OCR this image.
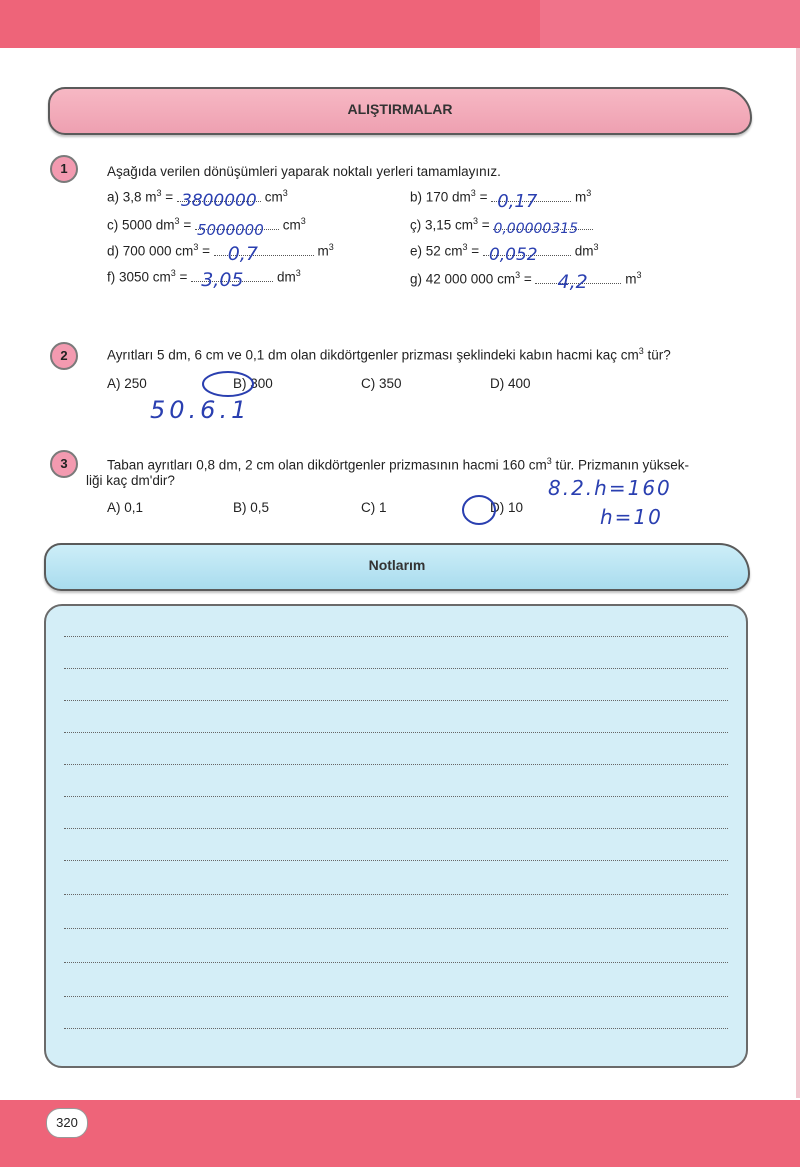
ALIŞTIRMALAR
1	Aşağıda verilen dönüşümleri yaparak noktalı yerleri tamamlayınız.
a) 3,8 $m^3 = 3800000$ $cm^3$	b) 170 $dm^3 = 0,17$	$m^3$
c) 5000 $dm^3 = 5000000$ $cm^3$	ç) 3,15 $cm^3 = 0,00000315$
d) 700 000 $cm^3 = 0,7$	$m^3$	e) 52 $cm^3 = 0,052$	$dm^3$
f) 3050 $cm^3 = 3,05$ $dm^3$	g) 42 000 000 $cm^3 = 4,2$	$m^3$
2	Ayrıtları 5 dm, 6 cm ve 0,1 dm olan dikdörtgenler prizması şeklindeki kabın hacmi kaç $cm^3$ tür?
A) 250	B) 300	C) 350	D) 400
50.6.1
3	Taban ayrıtları 0,8 dm, 2 cm olan dikdörtgenler prizmasının hacmi 160 $cm^3$ tür. Prizmanın yüksek-
liği kaç dm'dir?
A) 0,1	B) 0,5	C) 1	D) 10
8.2.h=160
h=10
Notlarım
320
